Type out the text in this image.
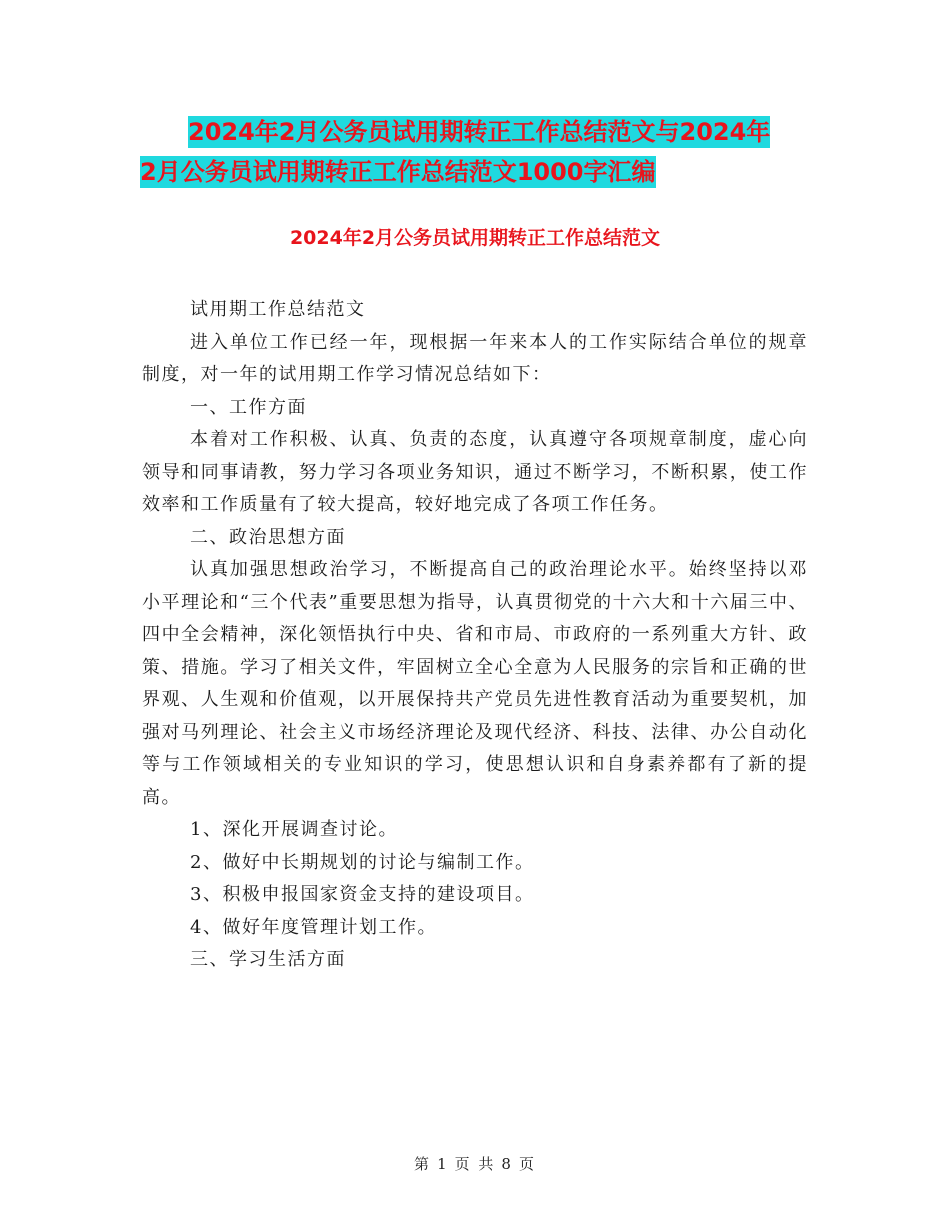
2024年2月公务员试用期转正工作总结范文与2024年
2月公务员试用期转正工作总结范文1000字汇编
2024年2月公务员试用期转正工作总结范文

试用期工作总结范文

进入单位工作已经一年，现根据一年来本人的工作实际结合单位的规章制度，对一年的试用期工作学习情况总结如下：

一、工作方面

本着对工作积极、认真、负责的态度，认真遵守各项规章制度，虚心向领导和同事请教，努力学习各项业务知识，通过不断学习，不断积累，使工作效率和工作质量有了较大提高，较好地完成了各项工作任务。

二、政治思想方面

认真加强思想政治学习，不断提高自己的政治理论水平。始终坚持以邓小平理论和“三个代表”重要思想为指导，认真贯彻党的十六大和十六届三中、四中全会精神，深化领悟执行中央、省和市局、市政府的一系列重大方针、政策、措施。学习了相关文件，牢固树立全心全意为人民服务的宗旨和正确的世界观、人生观和价值观，以开展保持共产党员先进性教育活动为重要契机，加强对马列理论、社会主义市场经济理论及现代经济、科技、法律、办公自动化等与工作领域相关的专业知识的学习，使思想认识和自身素养都有了新的提高。

1、深化开展调查讨论。

2、做好中长期规划的讨论与编制工作。

3、积极申报国家资金支持的建设项目。

4、做好年度管理计划工作。

三、学习生活方面

第 1 页 共 8 页
